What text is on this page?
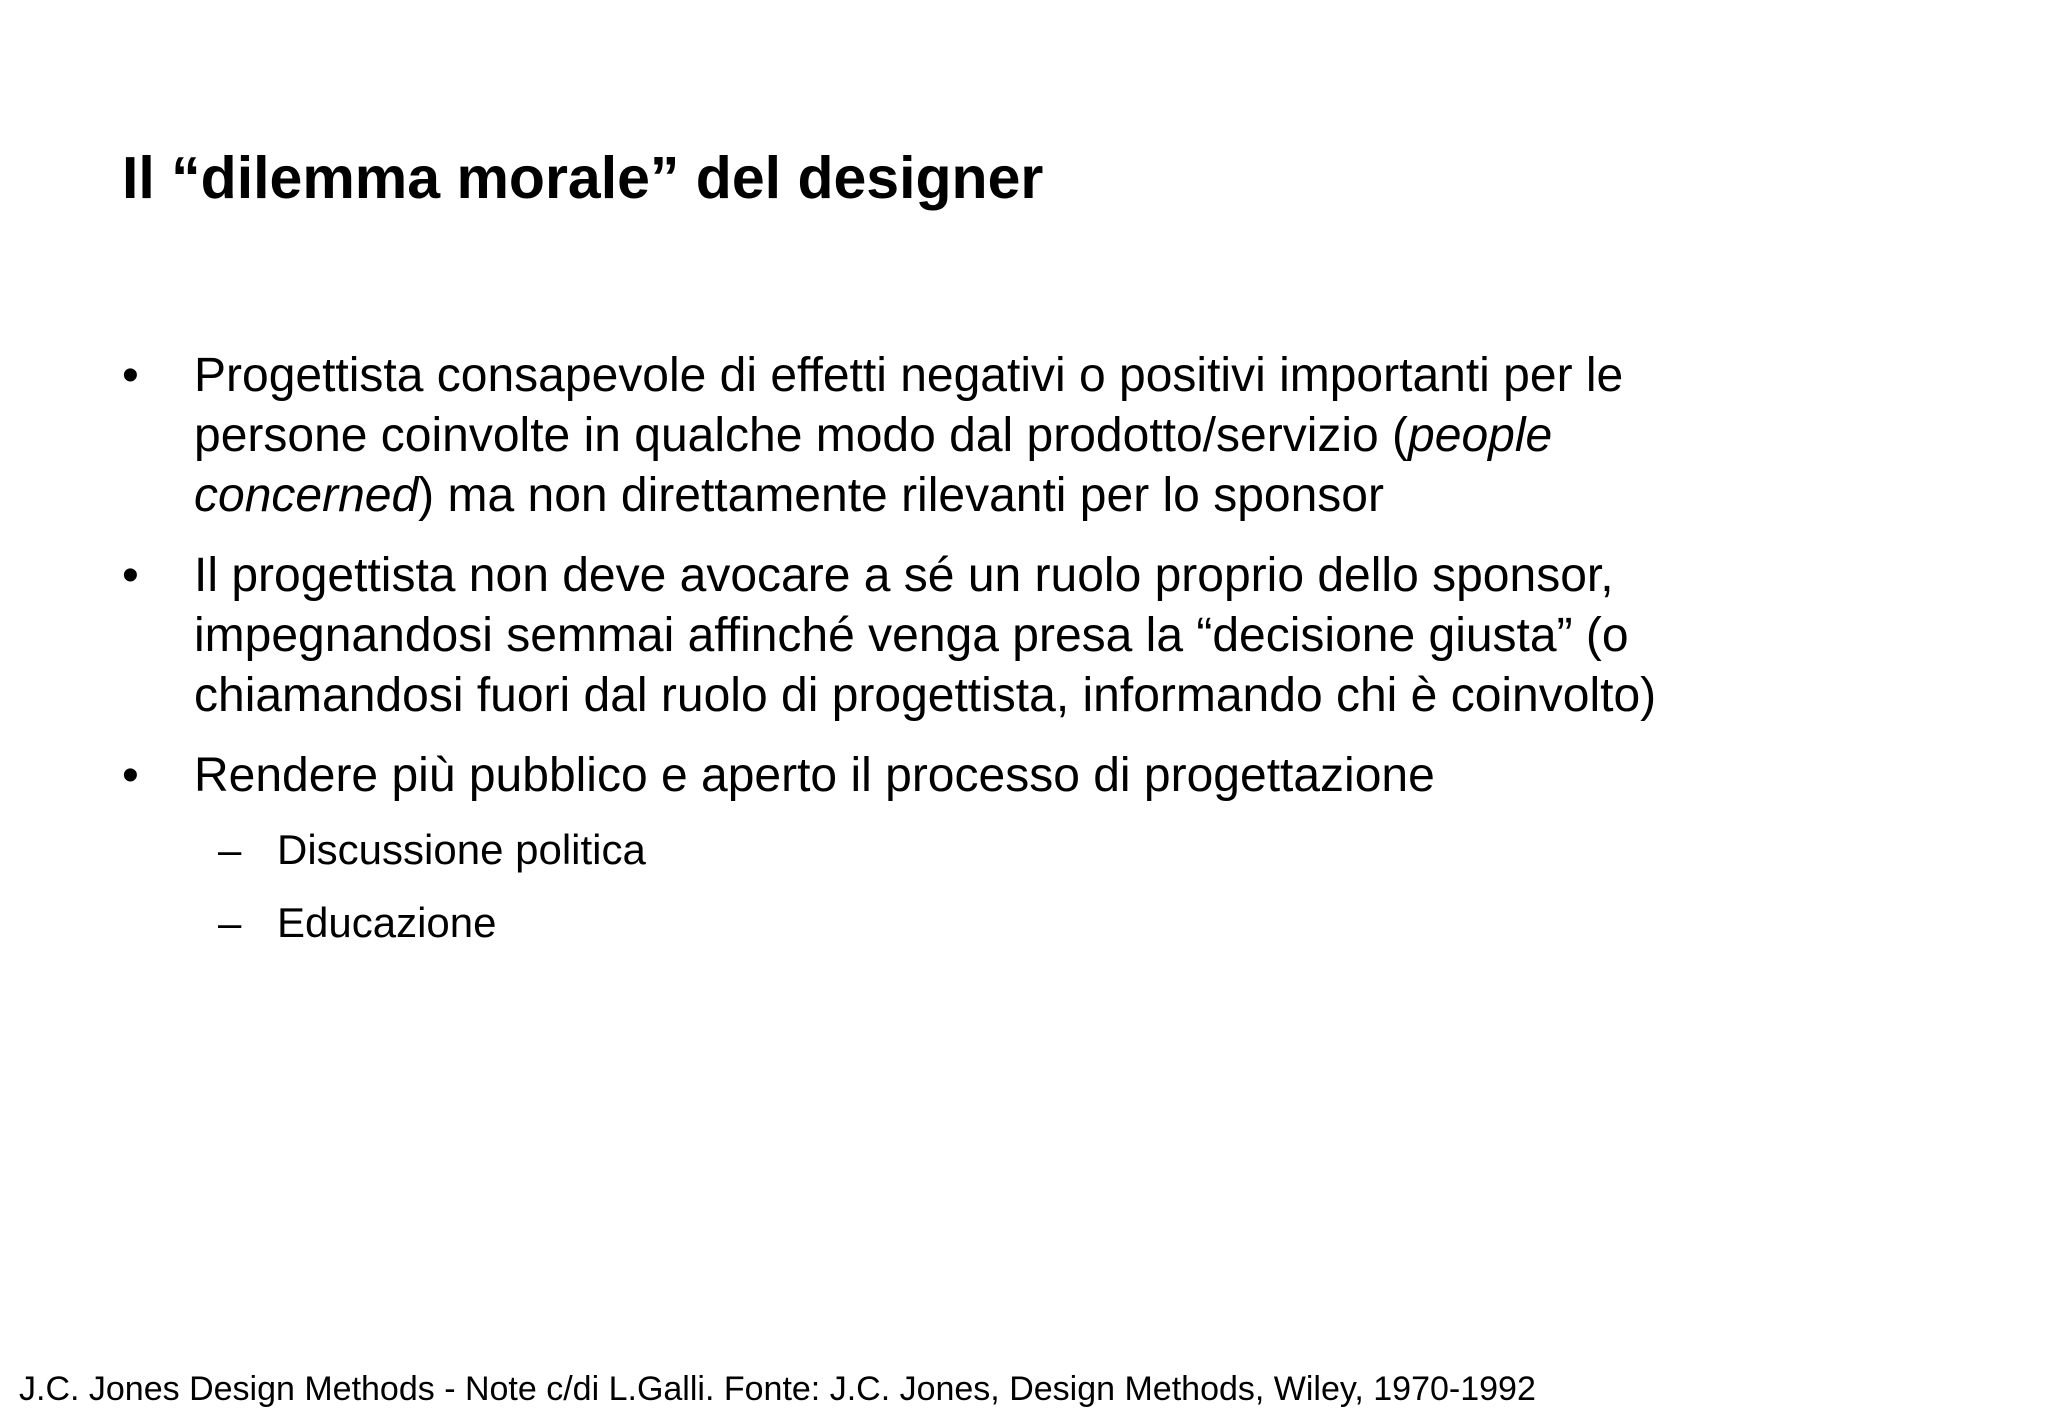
Il “dilemma morale” del designer
• Progettista consapevole di effetti negativi o positivi importanti per le
persone coinvolte in qualche modo dal prodotto/servizio (people
concerned) ma non direttamente rilevanti per lo sponsor
• Il progettista non deve avocare a sé un ruolo proprio dello sponsor,
impegnandosi semmai affinché venga presa la “decisione giusta” (o
chiamandosi fuori dal ruolo di progettista, informando chi è coinvolto)
• Rendere più pubblico e aperto il processo di progettazione
– Discussione politica
– Educazione
J.C. Jones Design Methods - Note c/di L.Galli. Fonte: J.C. Jones, Design Methods, Wiley, 1970-1992
